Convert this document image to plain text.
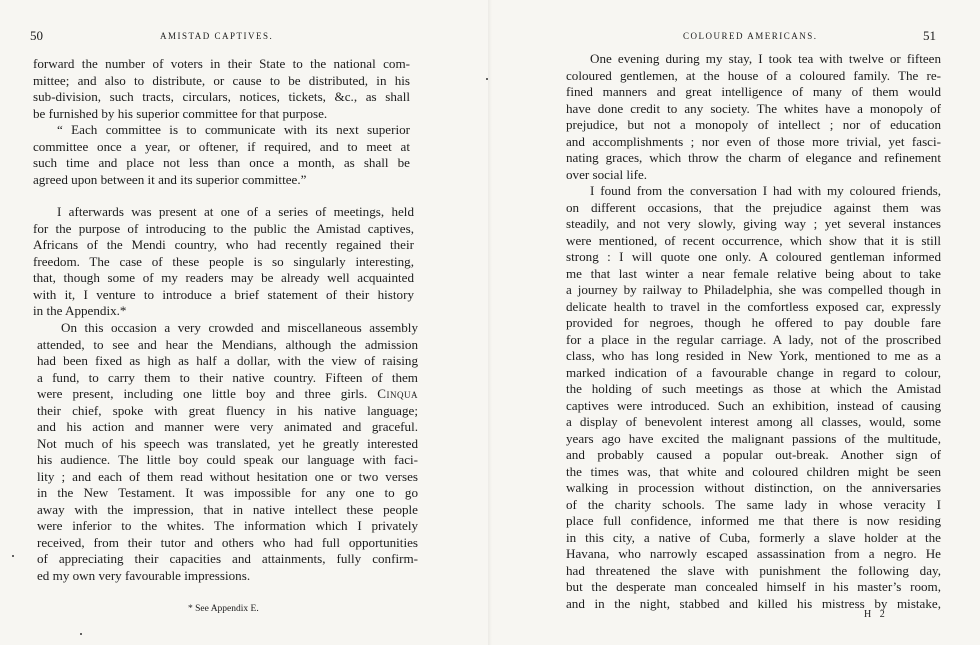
50	AMISTAD CAPTIVES.
forward the number of voters in their State to the national com-
mittee; and also to distribute, or cause to be distributed, in his
sub-division, such tracts, circulars, notices, tickets, &c., as shall
be furnished by his superior committee for that purpose.
“ Each committee is to communicate with its next superior
committee once a year, or oftener, if required, and to meet at
such time and place not less than once a month, as shall be
agreed upon between it and its superior committee.”
I afterwards was present at one of a series of meetings, held
for the purpose of introducing to the public the Amistad captives,
Africans of the Mendi country, who had recently regained their
freedom. The case of these people is so singularly interesting,
that, though some of my readers may be already well acquainted
with it, I venture to introduce a brief statement of their history
in the Appendix.*
On this occasion a very crowded and miscellaneous assembly
attended, to see and hear the Mendians, although the admission
had been fixed as high as half a dollar, with the view of raising
a fund, to carry them to their native country. Fifteen of them
were present, including one little boy and three girls. Cinqua
their chief, spoke with great fluency in his native language;
and his action and manner were very animated and graceful.
Not much of his speech was translated, yet he greatly interested
his audience. The little boy could speak our language with faci-
lity ; and each of them read without hesitation one or two verses
in the New Testament. It was impossible for any one to go
away with the impression, that in native intellect these people
were inferior to the whites. The information which I privately
received, from their tutor and others who had full opportunities
of appreciating their capacities and attainments, fully confirm-
ed my own very favourable impressions.
* See Appendix E.
COLOURED AMERICANS.	51
One evening during my stay, I took tea with twelve or fifteen
coloured gentlemen, at the house of a coloured family. The re-
fined manners and great intelligence of many of them would
have done credit to any society. The whites have a monopoly of
prejudice, but not a monopoly of intellect ; nor of education
and accomplishments ; nor even of those more trivial, yet fasci-
nating graces, which throw the charm of elegance and refinement
over social life.
I found from the conversation I had with my coloured friends,
on different occasions, that the prejudice against them was
steadily, and not very slowly, giving way ; yet several instances
were mentioned, of recent occurrence, which show that it is still
strong : I will quote one only. A coloured gentleman informed
me that last winter a near female relative being about to take
a journey by railway to Philadelphia, she was compelled though in
delicate health to travel in the comfortless exposed car, expressly
provided for negroes, though he offered to pay double fare
for a place in the regular carriage. A lady, not of the proscribed
class, who has long resided in New York, mentioned to me as a
marked indication of a favourable change in regard to colour,
the holding of such meetings as those at which the Amistad
captives were introduced. Such an exhibition, instead of causing
a display of benevolent interest among all classes, would, some
years ago have excited the malignant passions of the multitude,
and probably caused a popular out-break. Another sign of
the times was, that white and coloured children might be seen
walking in procession without distinction, on the anniversaries
of the charity schools. The same lady in whose veracity I
place full confidence, informed me that there is now residing
in this city, a native of Cuba, formerly a slave holder at the
Havana, who narrowly escaped assassination from a negro. He
had threatened the slave with punishment the following day,
but the desperate man concealed himself in his master’s room,
and in the night, stabbed and killed his mistress by mistake,
H 2
